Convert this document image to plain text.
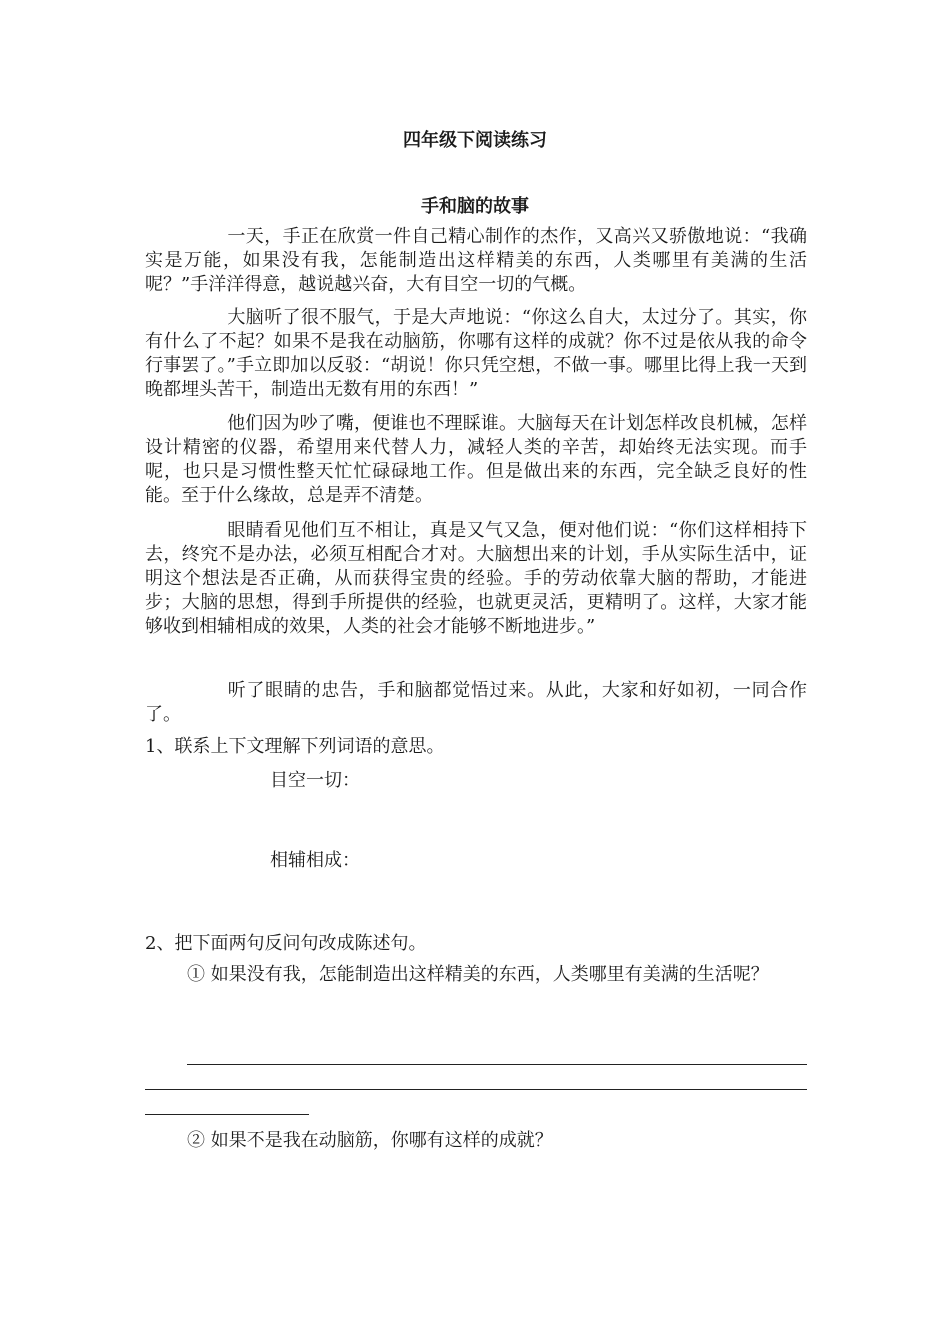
四年级下阅读练习
手和脑的故事

一天，手正在欣赏一件自己精心制作的杰作，又高兴又骄傲地说：“我确实是万能，如果没有我，怎能制造出这样精美的东西，人类哪里有美满的生活呢？”手洋洋得意，越说越兴奋，大有目空一切的气概。

大脑听了很不服气，于是大声地说：“你这么自大，太过分了。其实，你有什么了不起？如果不是我在动脑筋，你哪有这样的成就？你不过是依从我的命令行事罢了。”手立即加以反驳：“胡说！你只凭空想，不做一事。哪里比得上我一天到晚都埋头苦干，制造出无数有用的东西！”

他们因为吵了嘴，便谁也不理睬谁。大脑每天在计划怎样改良机械，怎样设计精密的仪器，希望用来代替人力，减轻人类的辛苦，却始终无法实现。而手呢，也只是习惯性整天忙忙碌碌地工作。但是做出来的东西，完全缺乏良好的性能。至于什么缘故，总是弄不清楚。

眼睛看见他们互不相让，真是又气又急，便对他们说：“你们这样相持下去，终究不是办法，必须互相配合才对。大脑想出来的计划，手从实际生活中，证明这个想法是否正确，从而获得宝贵的经验。手的劳动依靠大脑的帮助，才能进步；大脑的思想，得到手所提供的经验，也就更灵活，更精明了。这样，大家才能够收到相辅相成的效果，人类的社会才能够不断地进步。”

听了眼睛的忠告，手和脑都觉悟过来。从此，大家和好如初，一同合作了。

1、联系上下文理解下列词语的意思。

目空一切：

相辅相成：

2、把下面两句反问句改成陈述句。

① 如果没有我，怎能制造出这样精美的东西，人类哪里有美满的生活呢？

② 如果不是我在动脑筋，你哪有这样的成就？
